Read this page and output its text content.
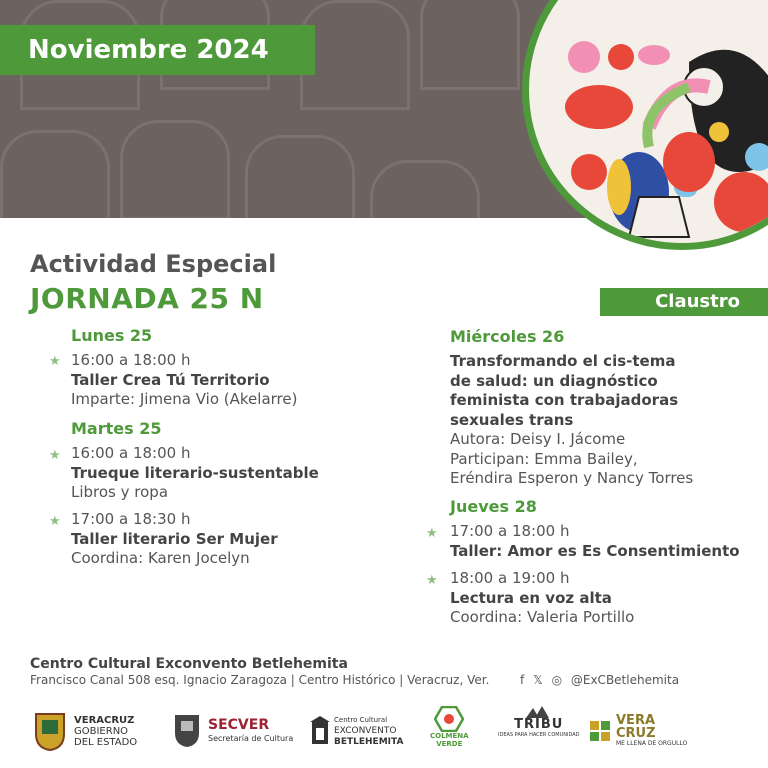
Noviembre 2024
Actividad Especial
JORNADA 25 N	Claustro
Lunes 25
★ 16:00 a 18:00 h
Taller Crea Tú Territorio
Imparte: Jimena Vio (Akelarre)
Martes 25
★ 16:00 a 18:00 h
Trueque literario-sustentable
Libros y ropa
★ 17:00 a 18:30 h
Taller literario Ser Mujer
Coordina: Karen Jocelyn
Miércoles 26
Transformando el cis-tema
de salud: un diagnóstico
feminista con trabajadoras
sexuales trans
Autora: Deisy I. Jácome
Participan: Emma Bailey,
Eréndira Esperon y Nancy Torres
Jueves 28
★ 17:00 a 18:00 h
Taller: Amor es Es Consentimiento
★ 18:00 a 19:00 h
Lectura en voz alta
Coordina: Valeria Portillo
Centro Cultural Exconvento Betlehemita
Francisco Canal 508 esq. Ignacio Zaragoza | Centro Histórico | Veracruz, Ver.	f 𝕏 ◎ @ExCBetlehemita
VERACRUZ
GOBIERNO
DEL ESTADO
SECVER
Secretaría de Cultura
Centro Cultural
EXCONVENTO
BETLEHEMITA
COLMENA
VERDE
TRIBU
IDEAS PARA HACER COMUNIDAD
VERA
CRUZ
ME LLENA DE ORGULLO
